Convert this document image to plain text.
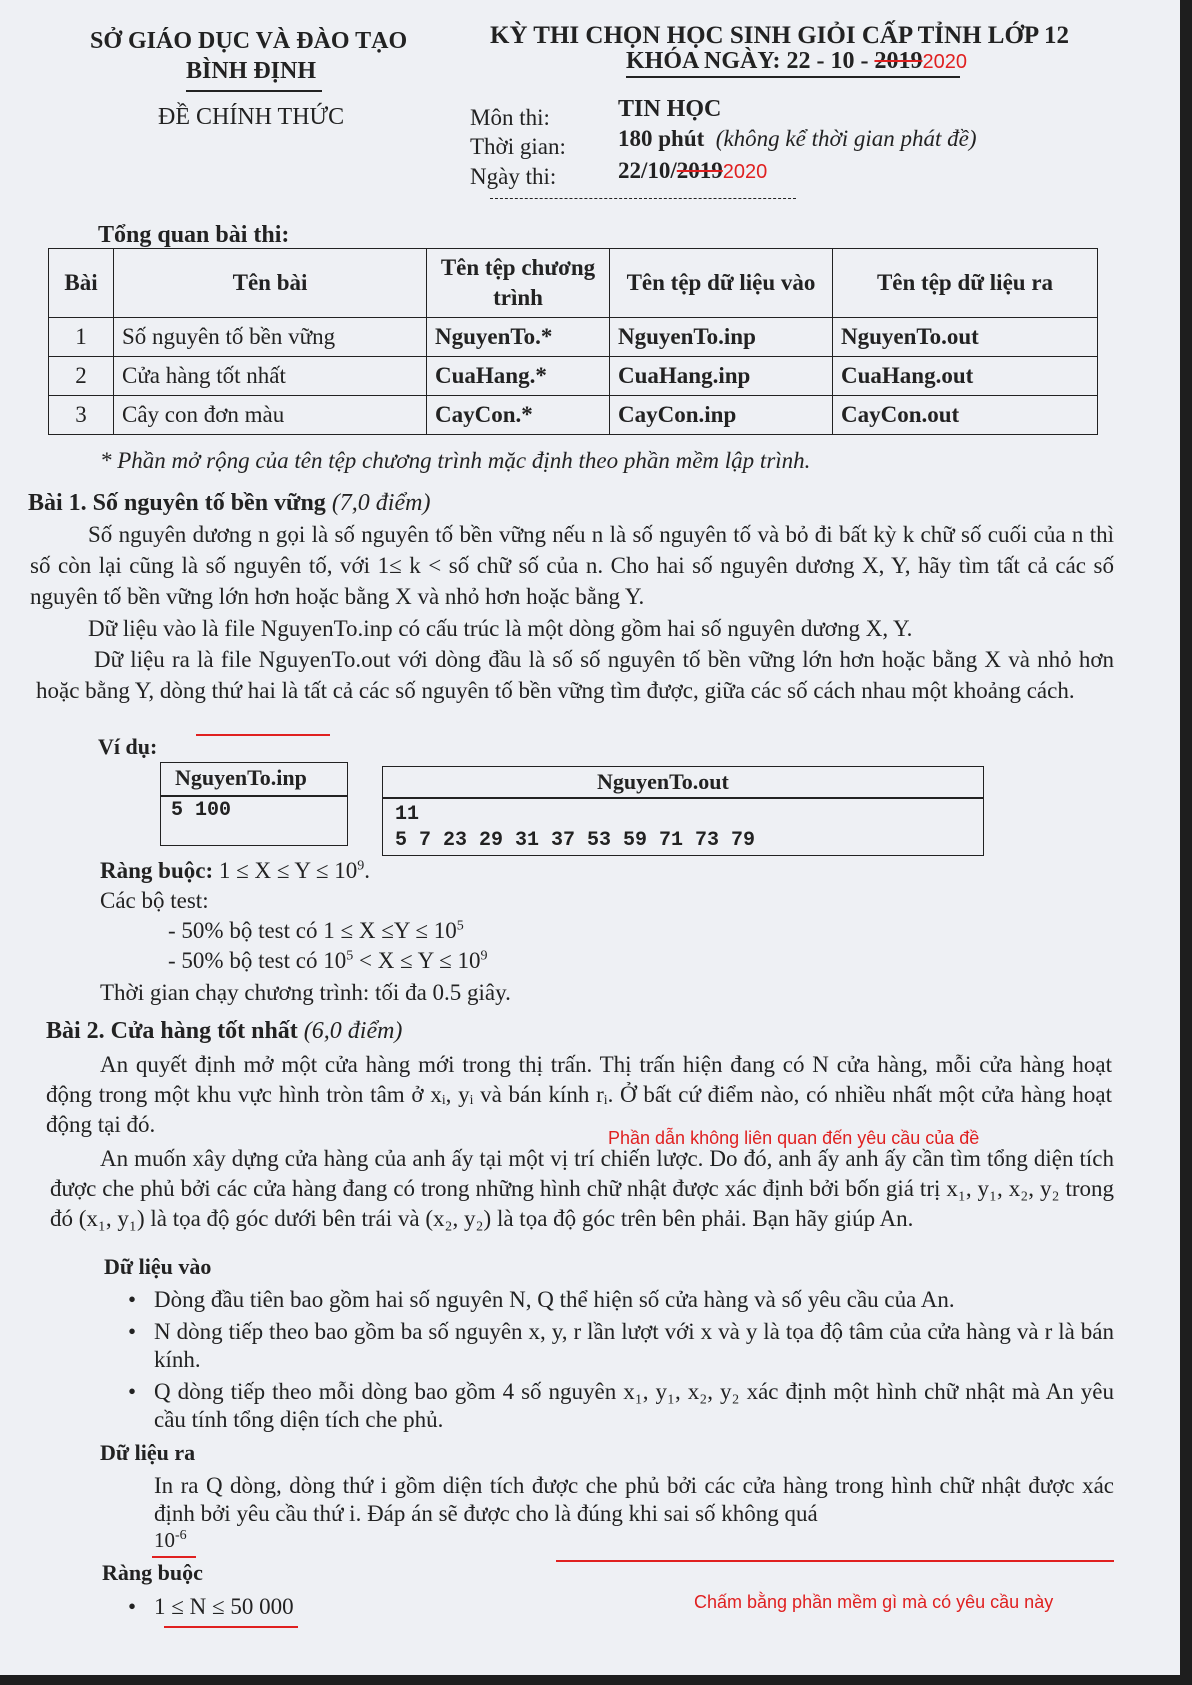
SỞ GIÁO DỤC VÀ ĐÀO TẠO
BÌNH ĐỊNH
ĐỀ CHÍNH THỨC
KỲ THI CHỌN HỌC SINH GIỎI CẤP TỈNH LỚP 12
KHÓA NGÀY: 22 - 10 - 20192020
Môn thi:	TIN HỌC
Thời gian: 180 phút (không kể thời gian phát đề)
Ngày thi:	22/10/20192020
Tổng quan bài thi:
Bài	Tên bài	Tên tệp chương trình	Tên tệp dữ liệu vào	Tên tệp dữ liệu ra
1	Số nguyên tố bền vững	NguyenTo.*	NguyenTo.inp	NguyenTo.out
2	Cửa hàng tốt nhất	CuaHang.*	CuaHang.inp	CuaHang.out
3	Cây con đơn màu	CayCon.*	CayCon.inp	CayCon.out
* Phần mở rộng của tên tệp chương trình mặc định theo phần mềm lập trình.
Bài 1. Số nguyên tố bền vững (7,0 điểm)
Số nguyên dương n gọi là số nguyên tố bền vững nếu n là số nguyên tố và bỏ đi bất kỳ k chữ số cuối của n thì số còn lại cũng là số nguyên tố, với 1≤ k < số chữ số của n. Cho hai số nguyên dương X, Y, hãy tìm tất cả các số nguyên tố bền vững lớn hơn hoặc bằng X và nhỏ hơn hoặc bằng Y.
Dữ liệu vào là file NguyenTo.inp có cấu trúc là một dòng gồm hai số nguyên dương X, Y.
Dữ liệu ra là file NguyenTo.out với dòng đầu là số số nguyên tố bền vững lớn hơn hoặc bằng X và nhỏ hơn hoặc bằng Y, dòng thứ hai là tất cả các số nguyên tố bền vững tìm được, giữa các số cách nhau một khoảng cách.
Ví dụ:
NguyenTo.inp
5 100
NguyenTo.out
11
5 7 23 29 31 37 53 59 71 73 79
Ràng buộc: $1 \le X \le Y \le 10^9$.
Các bộ test:
- 50% bộ test có $1 \le X \le Y \le 10^5$
- 50% bộ test có $10^5 < X \le Y \le 10^9$
Thời gian chạy chương trình: tối đa 0.5 giây.
Bài 2. Cửa hàng tốt nhất (6,0 điểm)
An quyết định mở một cửa hàng mới trong thị trấn. Thị trấn hiện đang có N cửa hàng, mỗi cửa hàng hoạt động trong một khu vực hình tròn tâm ở xᵢ, yᵢ và bán kính rᵢ. Ở bất cứ điểm nào, có nhiều nhất một cửa hàng hoạt động tại đó.
Phần dẫn không liên quan đến yêu cầu của đề
An muốn xây dựng cửa hàng của anh ấy tại một vị trí chiến lược. Do đó, anh ấy anh ấy cần tìm tổng diện tích được che phủ bởi các cửa hàng đang có trong những hình chữ nhật được xác định bởi bốn giá trị x₁, y₁, x₂, y₂ trong đó (x₁, y₁) là tọa độ góc dưới bên trái và (x₂, y₂) là tọa độ góc trên bên phải. Bạn hãy giúp An.
Dữ liệu vào
• Dòng đầu tiên bao gồm hai số nguyên N, Q thể hiện số cửa hàng và số yêu cầu của An.
• N dòng tiếp theo bao gồm ba số nguyên x, y, r lần lượt với x và y là tọa độ tâm của cửa hàng và r là bán kính.
• Q dòng tiếp theo mỗi dòng bao gồm 4 số nguyên x₁, y₁, x₂, y₂ xác định một hình chữ nhật mà An yêu cầu tính tổng diện tích che phủ.
Dữ liệu ra
In ra Q dòng, dòng thứ i gồm diện tích được che phủ bởi các cửa hàng trong hình chữ nhật được xác định bởi yêu cầu thứ i. Đáp án sẽ được cho là đúng khi sai số không quá
$10^{-6}$
Ràng buộc
• 1 ≤ N ≤ 50 000	Chấm bằng phần mềm gì mà có yêu cầu này
